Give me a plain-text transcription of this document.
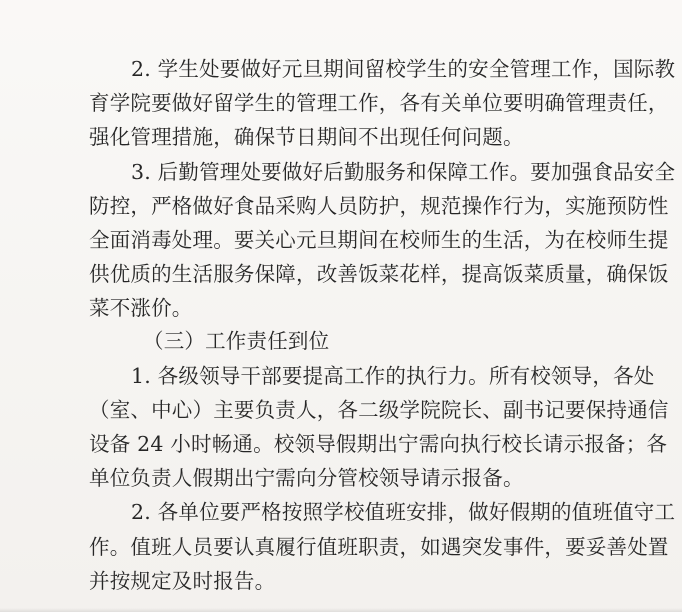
2. 学生处要做好元旦期间留校学生的安全管理工作，国际教
育学院要做好留学生的管理工作，各有关单位要明确管理责任，
强化管理措施，确保节日期间不出现任何问题。
3. 后勤管理处要做好后勤服务和保障工作。要加强食品安全
防控，严格做好食品采购人员防护，规范操作行为，实施预防性
全面消毒处理。要关心元旦期间在校师生的生活，为在校师生提
供优质的生活服务保障，改善饭菜花样，提高饭菜质量，确保饭
菜不涨价。
（三）工作责任到位
1. 各级领导干部要提高工作的执行力。所有校领导，各处
（室、中心）主要负责人，各二级学院院长、副书记要保持通信
设备 24 小时畅通。校领导假期出宁需向执行校长请示报备；各
单位负责人假期出宁需向分管校领导请示报备。
2. 各单位要严格按照学校值班安排，做好假期的值班值守工
作。值班人员要认真履行值班职责，如遇突发事件，要妥善处置
并按规定及时报告。
